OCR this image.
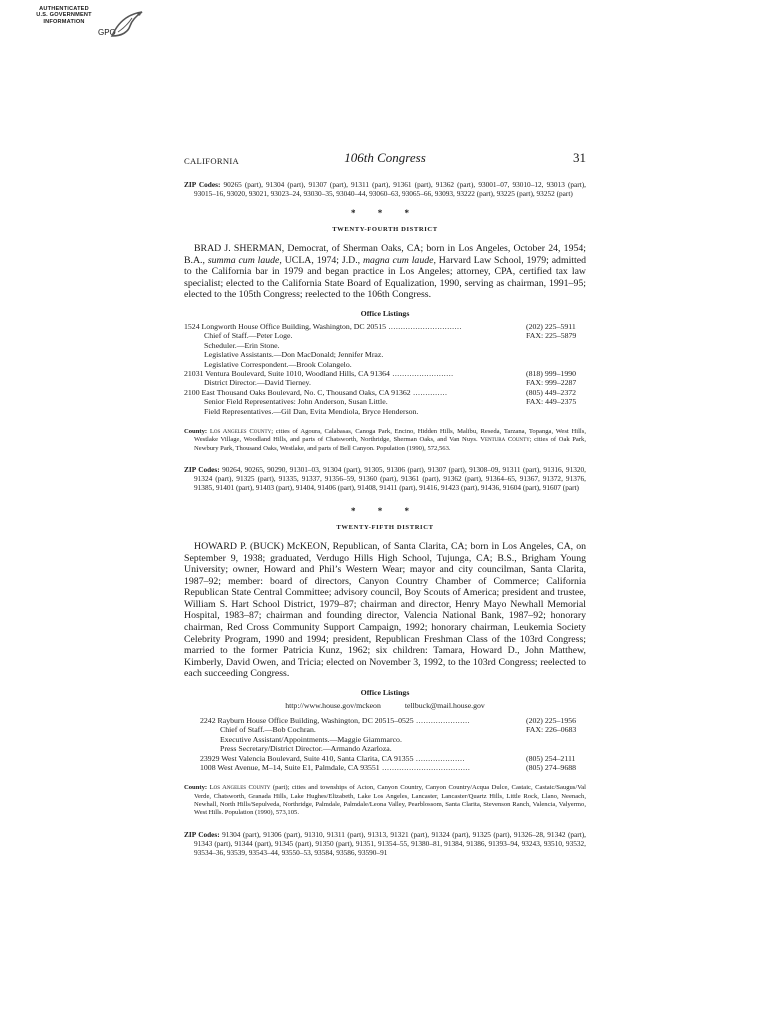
AUTHENTICATED
U.S. GOVERNMENT
INFORMATION
GPO
CALIFORNIA	106th Congress	31
ZIP Codes: 90265 (part), 91304 (part), 91307 (part), 91311 (part), 91361 (part), 91362 (part), 93001–07, 93010–12, 93013 (part), 93015–16, 93020, 93021, 93023–24, 93030–35, 93040–44, 93060–63, 93065–66, 93093, 93222 (part), 93225 (part), 93252 (part)
* * *
TWENTY-FOURTH DISTRICT

BRAD J. SHERMAN, Democrat, of Sherman Oaks, CA; born in Los Angeles, October 24, 1954; B.A., summa cum laude, UCLA, 1974; J.D., magna cum laude, Harvard Law School, 1979; admitted to the California bar in 1979 and began practice in Los Angeles; attorney, CPA, certified tax law specialist; elected to the California State Board of Equalization, 1990, serving as chairman, 1991–95; elected to the 105th Congress; reelected to the 106th Congress.

Office Listings
1524 Longworth House Office Building, Washington, DC 20515 ..............................	(202) 225–5911
Chief of Staff.—Peter Loge.	FAX: 225–5879
Scheduler.—Erin Stone.	
Legislative Assistants.—Don MacDonald; Jennifer Mraz.	
Legislative Correspondent.—Brook Colangelo.	
21031 Ventura Boulevard, Suite 1010, Woodland Hills, CA 91364 .........................	(818) 999–1990
District Director.—David Tierney.	FAX: 999–2287
2100 East Thousand Oaks Boulevard, No. C, Thousand Oaks, CA 91362 ..............	(805) 449–2372
Senior Field Representatives: John Anderson, Susan Little.	FAX: 449–2375
Field Representatives.—Gil Dan, Evita Mendiola, Bryce Henderson.	
County: Los Angeles County; cities of Agoura, Calabasas, Canoga Park, Encino, Hidden Hills, Malibu, Reseda, Tarzana, Topanga, West Hills, Westlake Village, Woodland Hills, and parts of Chatsworth, Northridge, Sherman Oaks, and Van Nuys. Ventura County; cities of Oak Park, Newbury Park, Thousand Oaks, Westlake, and parts of Bell Canyon. Population (1990), 572,563.
ZIP Codes: 90264, 90265, 90290, 91301–03, 91304 (part), 91305, 91306 (part), 91307 (part), 91308–09, 91311 (part), 91316, 91320, 91324 (part), 91325 (part), 91335, 91337, 91356–59, 91360 (part), 91361 (part), 91362 (part), 91364–65, 91367, 91372, 91376, 91385, 91401 (part), 91403 (part), 91404, 91406 (part), 91408, 91411 (part), 91416, 91423 (part), 91436, 91604 (part), 91607 (part)
* * *
TWENTY-FIFTH DISTRICT

HOWARD P. (BUCK) McKEON, Republican, of Santa Clarita, CA; born in Los Angeles, CA, on September 9, 1938; graduated, Verdugo Hills High School, Tujunga, CA; B.S., Brigham Young University; owner, Howard and Phil’s Western Wear; mayor and city councilman, Santa Clarita, 1987–92; member: board of directors, Canyon Country Chamber of Commerce; California Republican State Central Committee; advisory council, Boy Scouts of America; president and trustee, William S. Hart School District, 1979–87; chairman and director, Henry Mayo Newhall Memorial Hospital, 1983–87; chairman and founding director, Valencia National Bank, 1987–92; honorary chairman, Red Cross Community Support Campaign, 1992; honorary chairman, Leukemia Society Celebrity Program, 1990 and 1994; president, Republican Freshman Class of the 103rd Congress; married to the former Patricia Kunz, 1962; six children: Tamara, Howard D., John Matthew, Kimberly, David Owen, and Tricia; elected on November 3, 1992, to the 103rd Congress; reelected to each succeeding Congress.

Office Listings
http://www.house.gov/mckeon	tellbuck@mail.house.gov
2242 Rayburn House Office Building, Washington, DC 20515–0525 ......................	(202) 225–1956
Chief of Staff.—Bob Cochran.	FAX: 226–0683
Executive Assistant/Appointments.—Maggie Giammarco.	
Press Secretary/District Director.—Armando Azarloza.	
23929 West Valencia Boulevard, Suite 410, Santa Clarita, CA 91355 ....................	(805) 254–2111
1008 West Avenue, M–14, Suite E1, Palmdale, CA 93551 ....................................	(805) 274–9688
County: Los Angeles County (part); cities and townships of Acton, Canyon Country, Canyon Country/Acqua Dulce, Castaic, Castaic/Saugus/Val Verde, Chatsworth, Granada Hills, Lake Hughes/Elizabeth, Lake Los Angeles, Lancaster, Lancaster/Quartz Hills, Little Rock, Llano, Neenach, Newhall, North Hills/Sepulveda, Northridge, Palmdale, Palmdale/Leona Valley, Pearblossom, Santa Clarita, Stevenson Ranch, Valencia, Valyermo, West Hills. Population (1990), 573,105.
ZIP Codes: 91304 (part), 91306 (part), 91310, 91311 (part), 91313, 91321 (part), 91324 (part), 91325 (part), 91326–28, 91342 (part), 91343 (part), 91344 (part), 91345 (part), 91350 (part), 91351, 91354–55, 91380–81, 91384, 91386, 91393–94, 93243, 93510, 93532, 93534–36, 93539, 93543–44, 93550–53, 93584, 93586, 93590–91
